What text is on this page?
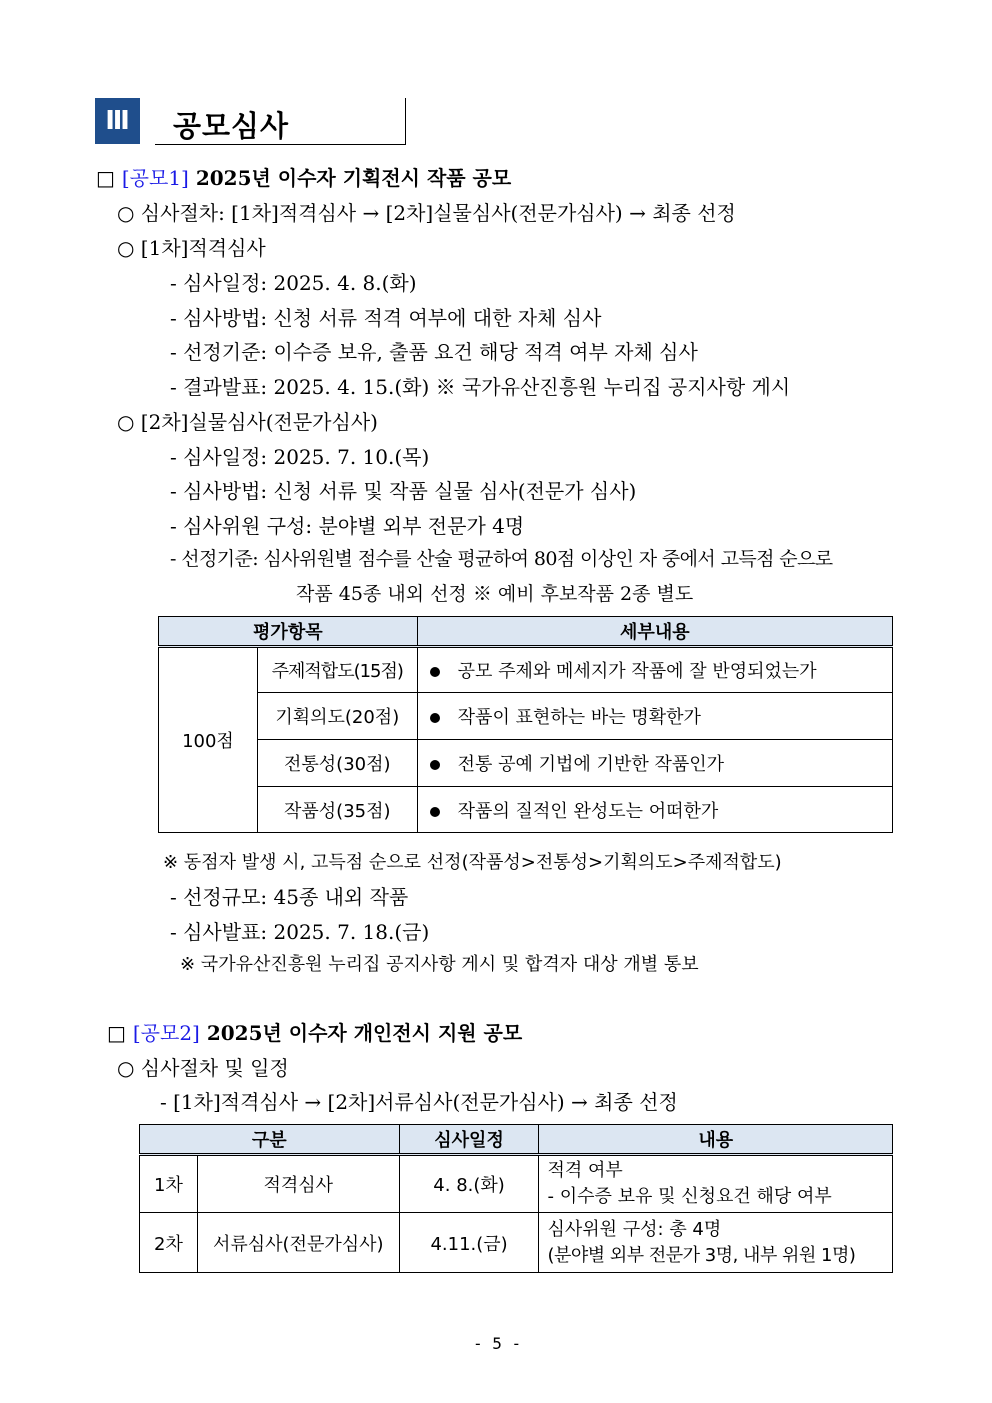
Ⅲ	공모심사
□ [공모1] 2025년 이수자 기획전시 작품 공모
○ 심사절차: [1차]적격심사 → [2차]실물심사(전문가심사) → 최종 선정
○ [1차]적격심사
- 심사일정: 2025. 4. 8.(화)
- 심사방법: 신청 서류 적격 여부에 대한 자체 심사
- 선정기준: 이수증 보유, 출품 요건 해당 적격 여부 자체 심사
- 결과발표: 2025. 4. 15.(화) ※ 국가유산진흥원 누리집 공지사항 게시
○ [2차]실물심사(전문가심사)
- 심사일정: 2025. 7. 10.(목)
- 심사방법: 신청 서류 및 작품 실물 심사(전문가 심사)
- 심사위원 구성: 분야별 외부 전문가 4명
- 선정기준: 심사위원별 점수를 산술 평균하여 80점 이상인 자 중에서 고득점 순으로
작품 45종 내외 선정 ※ 예비 후보작품 2종 별도
평가항목		세부내용
100점	주제적합도(15점)	공모 주제와 메세지가 작품에 잘 반영되었는가
	기획의도(20점)	작품이 표현하는 바는 명확한가
	전통성(30점)	전통 공예 기법에 기반한 작품인가
	작품성(35점)	작품의 질적인 완성도는 어떠한가
※ 동점자 발생 시, 고득점 순으로 선정(작품성>전통성>기획의도>주제적합도)
- 선정규모: 45종 내외 작품
- 심사발표: 2025. 7. 18.(금)
※ 국가유산진흥원 누리집 공지사항 게시 및 합격자 대상 개별 통보
□ [공모2] 2025년 이수자 개인전시 지원 공모
○ 심사절차 및 일정
- [1차]적격심사 → [2차]서류심사(전문가심사) → 최종 선정
구분		심사일정	내용
1차	적격심사	4. 8.(화)	적격 여부
- 이수증 보유 및 신청요건 해당 여부

2차	서류심사(전문가심사)	4.11.(금)	심사위원 구성: 총 4명
(분야별 외부 전문가 3명, 내부 위원 1명)
- 5 -
